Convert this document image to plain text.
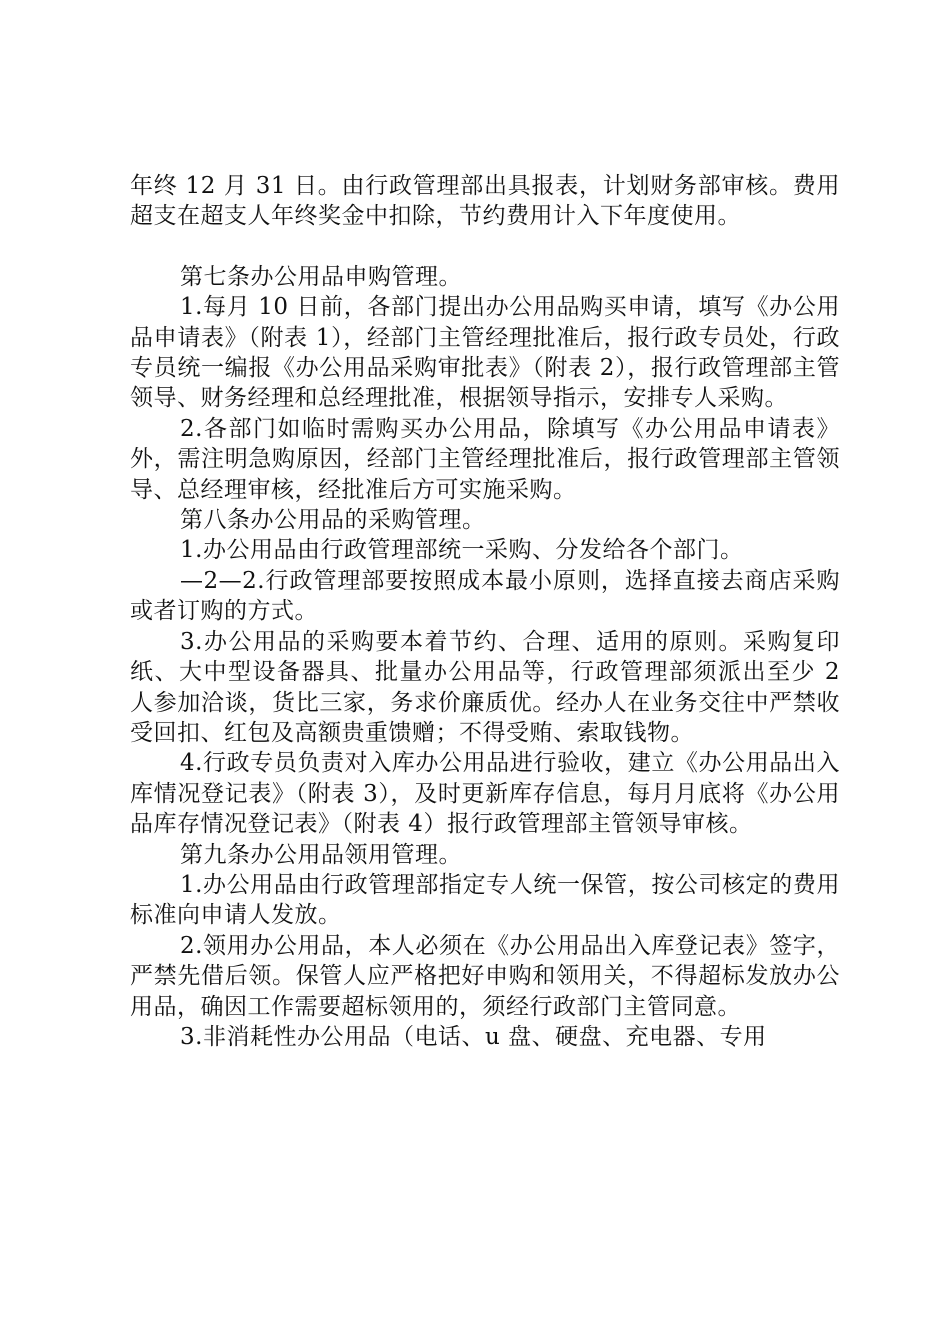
年终 12 月 31 日。由行政管理部出具报表，计划财务部审核。费用超支在超支人年终奖金中扣除，节约费用计入下年度使用。

第七条办公用品申购管理。

1.每月 10 日前，各部门提出办公用品购买申请，填写《办公用品申请表》（附表 1），经部门主管经理批准后，报行政专员处，行政专员统一编报《办公用品采购审批表》（附表 2），报行政管理部主管领导、财务经理和总经理批准，根据领导指示，安排专人采购。

2.各部门如临时需购买办公用品，除填写《办公用品申请表》外，需注明急购原因，经部门主管经理批准后，报行政管理部主管领导、总经理审核，经批准后方可实施采购。

第八条办公用品的采购管理。

1.办公用品由行政管理部统一采购、分发给各个部门。

—2—2.行政管理部要按照成本最小原则，选择直接去商店采购或者订购的方式。

3.办公用品的采购要本着节约、合理、适用的原则。采购复印纸、大中型设备器具、批量办公用品等，行政管理部须派出至少 2 人参加洽谈，货比三家，务求价廉质优。经办人在业务交往中严禁收受回扣、红包及高额贵重馈赠；不得受贿、索取钱物。

4.行政专员负责对入库办公用品进行验收，建立《办公用品出入库情况登记表》（附表 3），及时更新库存信息，每月月底将《办公用品库存情况登记表》（附表 4）报行政管理部主管领导审核。

第九条办公用品领用管理。

1.办公用品由行政管理部指定专人统一保管，按公司核定的费用标准向申请人发放。

2.领用办公用品，本人必须在《办公用品出入库登记表》签字，严禁先借后领。保管人应严格把好申购和领用关，不得超标发放办公用品，确因工作需要超标领用的，须经行政部门主管同意。

3.非消耗性办公用品（电话、u 盘、硬盘、充电器、专用
